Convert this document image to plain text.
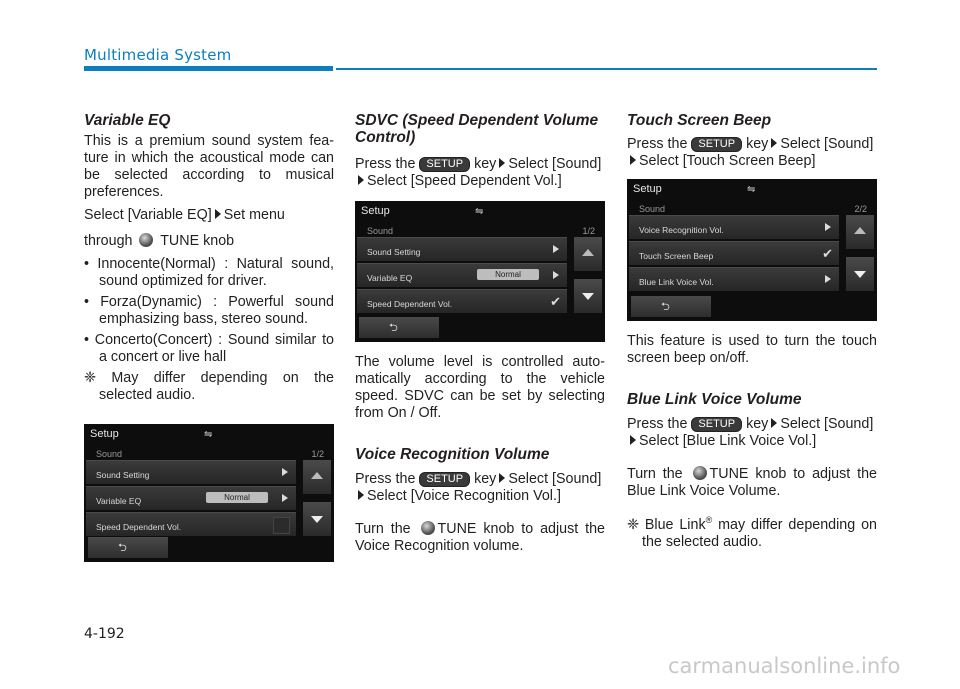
Multimedia System
Variable EQ

This is a premium sound system feature in which the acoustical mode can be selected according to musical preferences.

Select [Variable EQ] Set menu

through TUNE knob

• Innocente(Normal) : Natural sound, sound optimized for driver.

• Forza(Dynamic) : Powerful sound emphasizing bass, stereo sound.

• Concerto(Concert) : Sound similar to a concert or live hall

❈ May differ depending on the selected audio.

Setup	⇋
Sound	1/2
Sound Setting
Variable EQ	Normal
Speed Dependent Vol.
⮌
SDVC (Speed Dependent Volume Control)

Press the SETUP key Select [Sound]
Select [Speed Dependent Vol.]

Setup	⇋
Sound	1/2
Sound Setting
Variable EQ	Normal
Speed Dependent Vol.	✔
⮌

The volume level is controlled automatically according to the vehicle speed. SDVC can be set by selecting from On / Off.

Voice Recognition Volume

Press the SETUP key Select [Sound]
Select [Voice Recognition Vol.]

Turn the TUNE knob to adjust the Voice Recognition volume.

Touch Screen Beep

Press the SETUP key Select [Sound]
Select [Touch Screen Beep]

Setup	⇋
Sound	2/2
Voice Recognition Vol.
Touch Screen Beep	✔
Blue Link Voice Vol.
⮌

This feature is used to turn the touch screen beep on/off.

Blue Link Voice Volume

Press the SETUP key Select [Sound]
Select [Blue Link Voice Vol.]

Turn the TUNE knob to adjust the Blue Link Voice Volume.

❈ Blue Link® may differ depending on the selected audio.

4-192
carmanualsonline.info
